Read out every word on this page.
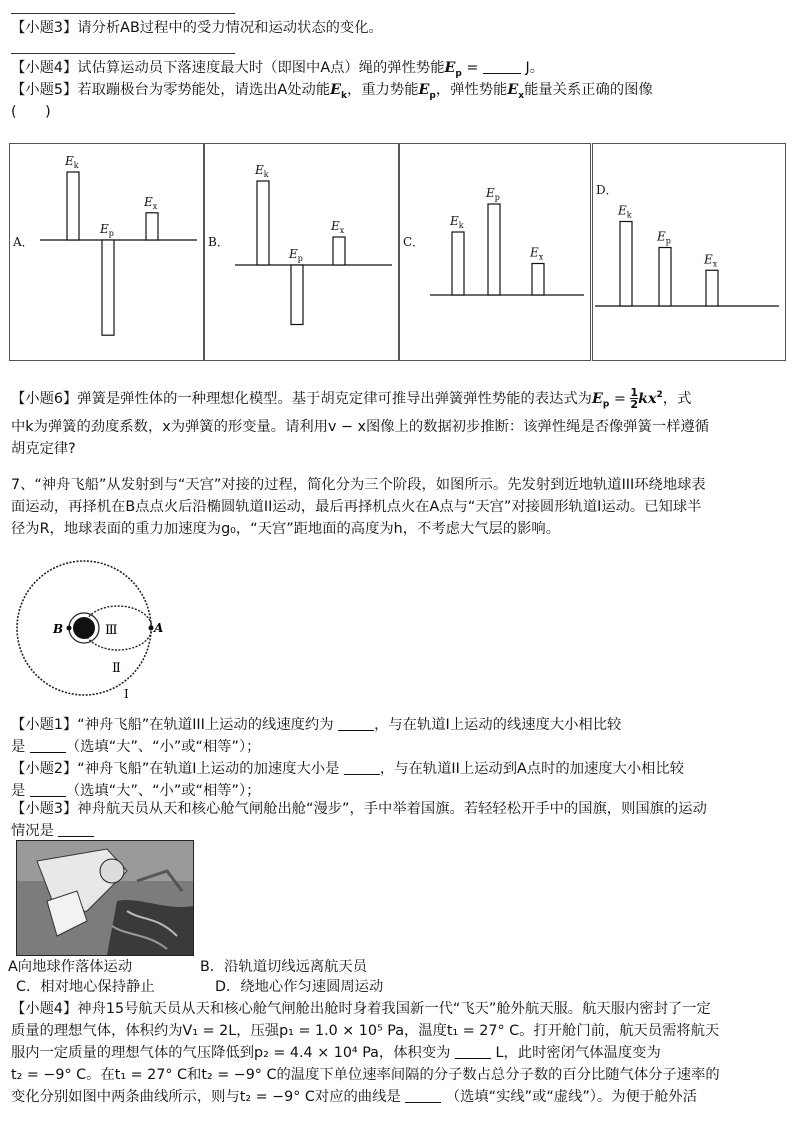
【小题3】请分析AB过程中的受力情况和运动状态的变化。
【小题4】试估算运动员下落速度最大时（即图中A点）绳的弹性势能$E_p$ =	J。
【小题5】若取蹦极台为零势能处，请选出A处动能$E_k$，重力势能$E_p$，弹性势能$E_x$能量关系正确的图像
(　　)
A．
$E_k$
$E_p$
$E_x$
B．
$E_k$
$E_p$
$E_x$
C．
$E_k$
$E_p$
$E_x$
D．
$E_k$
$E_p$
$E_x$
【小题6】弹簧是弹性体的一种理想化模型。基于胡克定律可推导出弹簧弹性势能的表达式为$E_p = \frac{1}{2} kx^2$，式
中k为弹簧的劲度系数，x为弹簧的形变量。请利用v − x图像上的数据初步推断：该弹性绳是否像弹簧一样遵循
胡克定律?
7、“神舟飞船”从发射到与“天宫”对接的过程，简化分为三个阶段，如图所示。先发射到近地轨道III环绕地球表
面运动，再择机在B点点火后沿椭圆轨道II运动，最后再择机点火在A点与“天宫”对接圆形轨道I运动。已知球半
径为R，地球表面的重力加速度为g₀，“天宫”距地面的高度为h，不考虑大气层的影响。
B	A
Ⅲ
Ⅱ
I
【小题1】“神舟飞船”在轨道III上运动的线速度约为	，与在轨道I上运动的线速度大小相比较
是	（选填“大”、“小”或“相等”）；
【小题2】“神舟飞船”在轨道I上运动的加速度大小是	，与在轨道II上运动到A点时的加速度大小相比较
是	（选填“大”、“小”或“相等”）；
【小题3】神舟航天员从天和核心舱气闸舱出舱“漫步”，手中举着国旗。若轻轻松开手中的国旗，则国旗的运动
情况是
A向地球作落体运动	B．沿轨道切线远离航天员
C．相对地心保持静止	D．绕地心作匀速圆周运动
【小题4】神舟15号航天员从天和核心舱气闸舱出舱时身着我国新一代“飞天”舱外航天服。航天服内密封了一定
质量的理想气体，体积约为V₁ = 2L，压强p₁ = 1.0 × 10⁵ Pa，温度t₁ = 27° C。打开舱门前，航天员需将航天
服内一定质量的理想气体的气压降低到p₂ = 4.4 × 10⁴ Pa，体积变为	L，此时密闭气体温度变为
t₂ = −9° C。在t₁ = 27° C和t₂ = −9° C的温度下单位速率间隔的分子数占总分子数的百分比随气体分子速率的
变化分别如图中两条曲线所示，则与t₂ = −9° C对应的曲线是	（选填“实线”或“虚线”）。为便于舱外活
